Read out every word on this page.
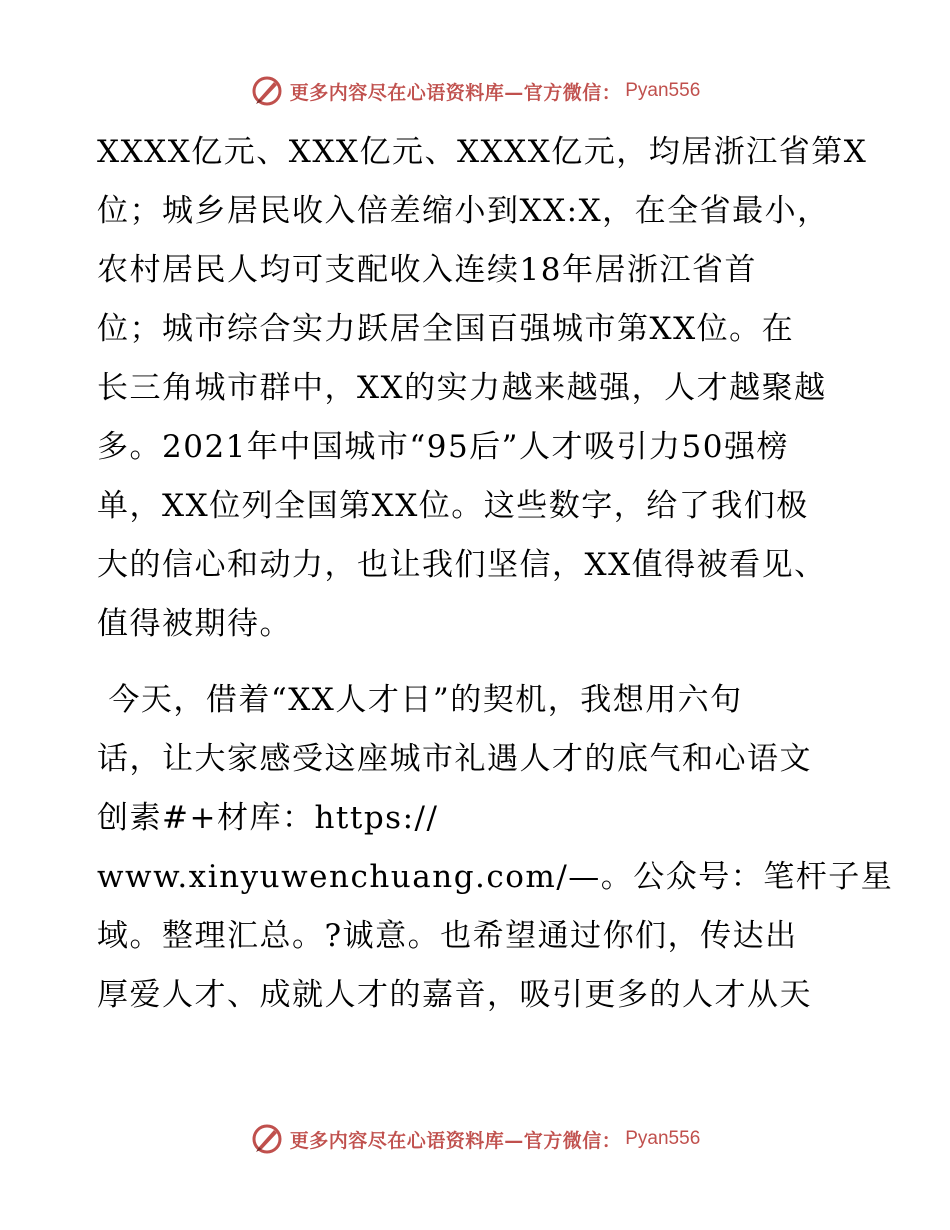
更多内容尽在心语资料库—官方微信： Pyan556
XXXX亿元、XXX亿元、XXXX亿元，均居浙江省第X
位；城乡居民收入倍差缩小到XX:X，在全省最小，
农村居民人均可支配收入连续18年居浙江省首
位；城市综合实力跃居全国百强城市第XX位。在
长三角城市群中，XX的实力越来越强，人才越聚越
多。2021年中国城市“95后”人才吸引力50强榜
单，XX位列全国第XX位。这些数字，给了我们极
大的信心和动力，也让我们坚信，XX值得被看见、
值得被期待。
今天，借着“XX人才日”的契机，我想用六句
话，让大家感受这座城市礼遇人才的底气和心语文
创素#+材库：https://
www.xinyuwenchuang.com/—。公众号：笔杆子星
域。整理汇总。?诚意。也希望通过你们，传达出
厚爱人才、成就人才的嘉音，吸引更多的人才从天
更多内容尽在心语资料库—官方微信： Pyan556
